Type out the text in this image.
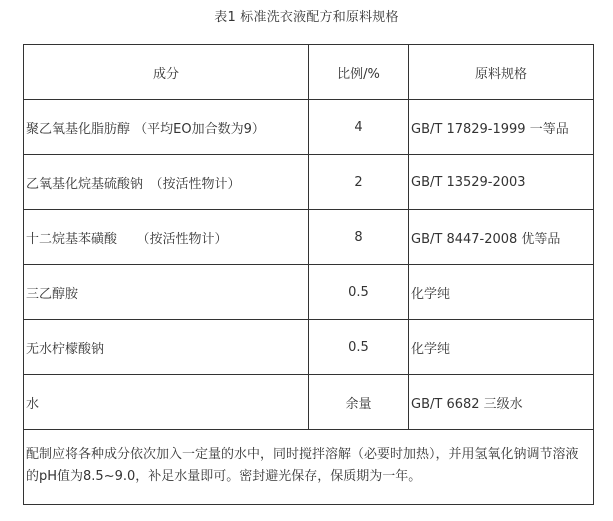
表1 标准洗衣液配方和原料规格
成分	比例/%	原料规格
聚乙氧基化脂肪醇 （平均EO加合数为9）	4	GB/T 17829-1999 一等品
乙氧基化烷基硫酸钠　（按活性物计）	2	GB/T 13529-2003
十二烷基苯磺酸　　（按活性物计）	8	GB/T 8447-2008 优等品
三乙醇胺	0.5	化学纯
无水柠檬酸钠	0.5	化学纯
水	余量	GB/T 6682 三级水
配制应将各种成分依次加入一定量的水中，同时搅拌溶解（必要时加热），并用氢氧化钠调节溶液的pH值为8.5~9.0，补足水量即可。密封避光保存，保质期为一年。		
